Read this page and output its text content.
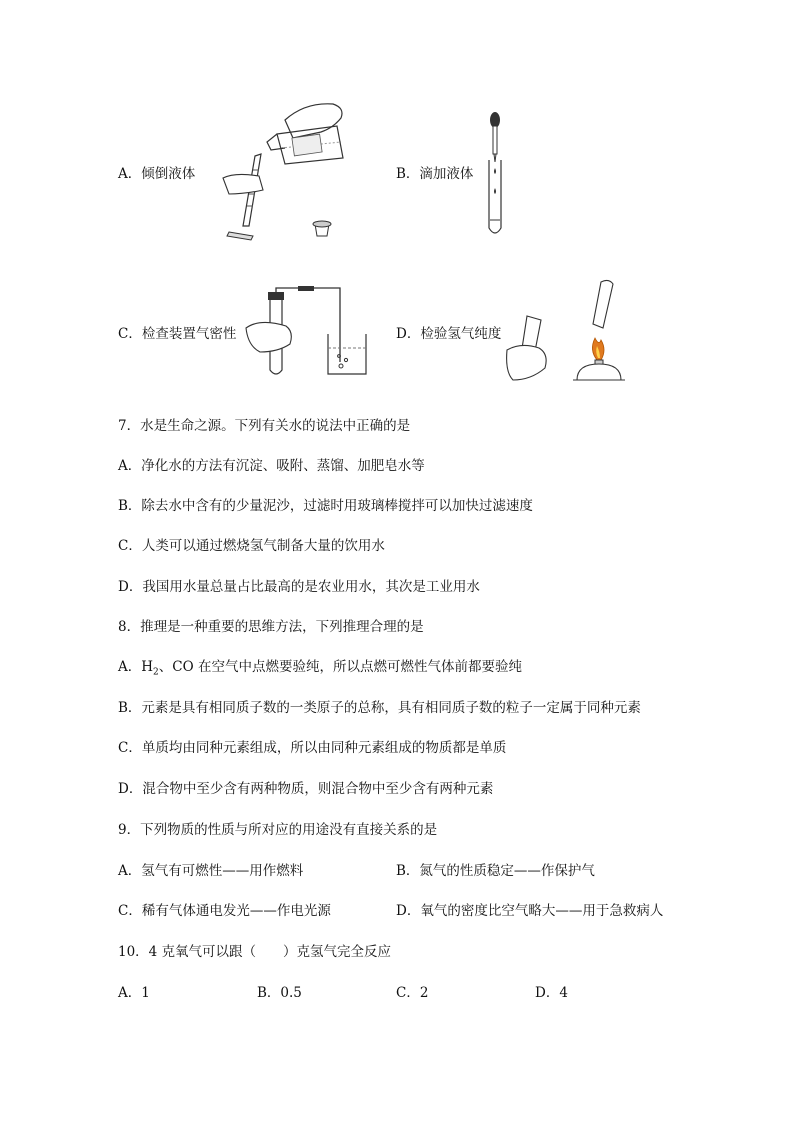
A．倾倒液体	B．滴加液体
C．检查装置气密性	D．检验氢气纯度
7．水是生命之源。下列有关水的说法中正确的是
A．净化水的方法有沉淀、吸附、蒸馏、加肥皂水等
B．除去水中含有的少量泥沙，过滤时用玻璃棒搅拌可以加快过滤速度
C．人类可以通过燃烧氢气制备大量的饮用水
D．我国用水量总量占比最高的是农业用水，其次是工业用水
8．推理是一种重要的思维方法，下列推理合理的是
A．$H_2$、CO 在空气中点燃要验纯，所以点燃可燃性气体前都要验纯
B．元素是具有相同质子数的一类原子的总称，具有相同质子数的粒子一定属于同种元素
C．单质均由同种元素组成，所以由同种元素组成的物质都是单质
D．混合物中至少含有两种物质，则混合物中至少含有两种元素
9．下列物质的性质与所对应的用途没有直接关系的是
A．氢气有可燃性——用作燃料	B．氮气的性质稳定——作保护气
C．稀有气体通电发光——作电光源	D．氧气的密度比空气略大——用于急救病人
10．4 克氧气可以跟（　　）克氢气完全反应
A．1	B．0.5	C．2	D．4
